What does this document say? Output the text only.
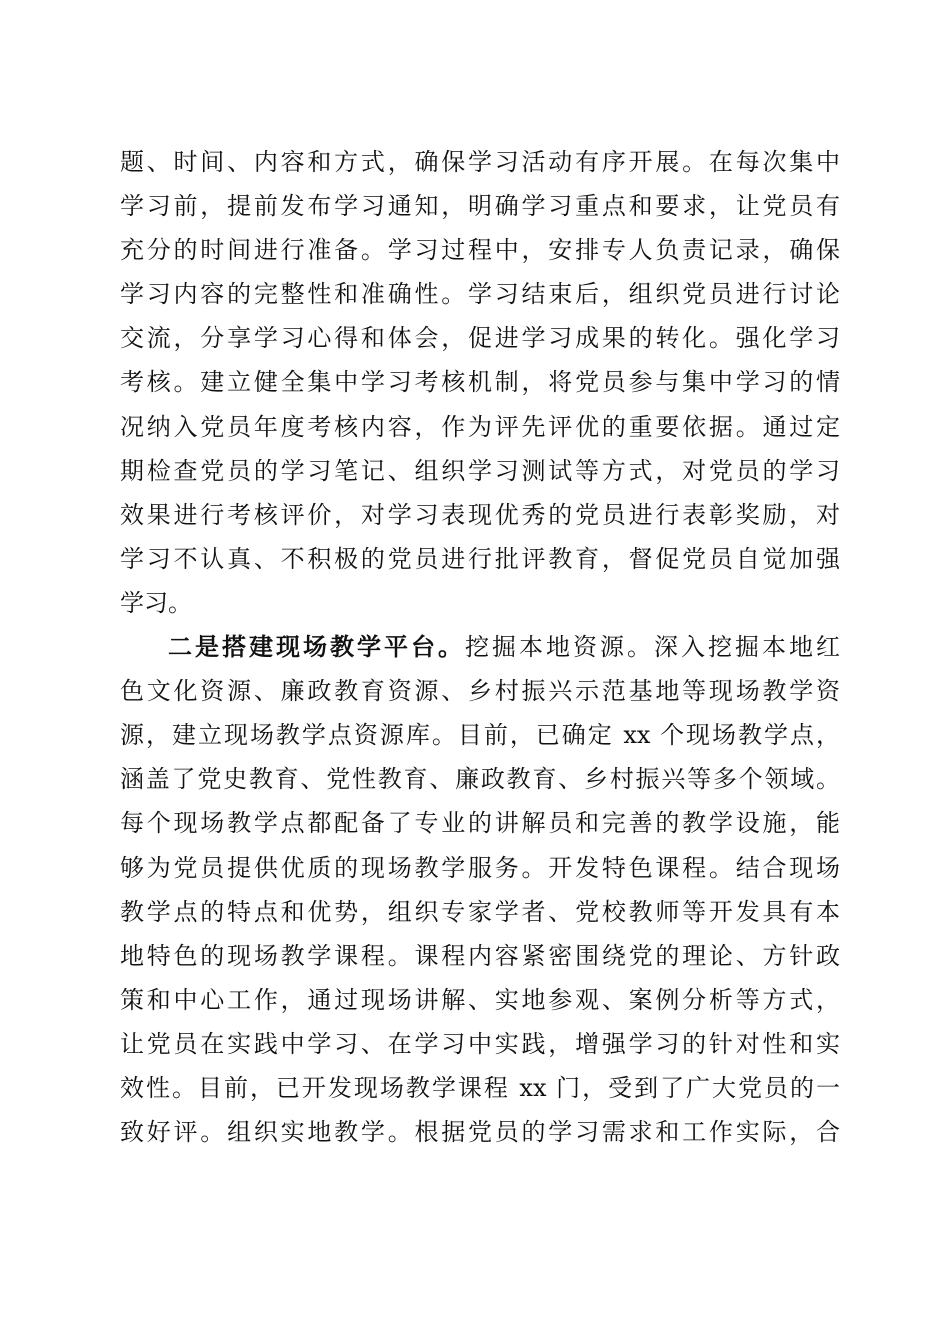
题、时间、内容和方式，确保学习活动有序开展。在每次集中
学习前，提前发布学习通知，明确学习重点和要求，让党员有
充分的时间进行准备。学习过程中，安排专人负责记录，确保
学习内容的完整性和准确性。学习结束后，组织党员进行讨论
交流，分享学习心得和体会，促进学习成果的转化。强化学习
考核。建立健全集中学习考核机制，将党员参与集中学习的情
况纳入党员年度考核内容，作为评先评优的重要依据。通过定
期检查党员的学习笔记、组织学习测试等方式，对党员的学习
效果进行考核评价，对学习表现优秀的党员进行表彰奖励，对
学习不认真、不积极的党员进行批评教育，督促党员自觉加强
学习。
二是搭建现场教学平台。挖掘本地资源。深入挖掘本地红
色文化资源、廉政教育资源、乡村振兴示范基地等现场教学资
源，建立现场教学点资源库。目前，已确定 xx 个现场教学点，
涵盖了党史教育、党性教育、廉政教育、乡村振兴等多个领域。
每个现场教学点都配备了专业的讲解员和完善的教学设施，能
够为党员提供优质的现场教学服务。开发特色课程。结合现场
教学点的特点和优势，组织专家学者、党校教师等开发具有本
地特色的现场教学课程。课程内容紧密围绕党的理论、方针政
策和中心工作，通过现场讲解、实地参观、案例分析等方式，
让党员在实践中学习、在学习中实践，增强学习的针对性和实
效性。目前，已开发现场教学课程 xx 门，受到了广大党员的一
致好评。组织实地教学。根据党员的学习需求和工作实际，合
